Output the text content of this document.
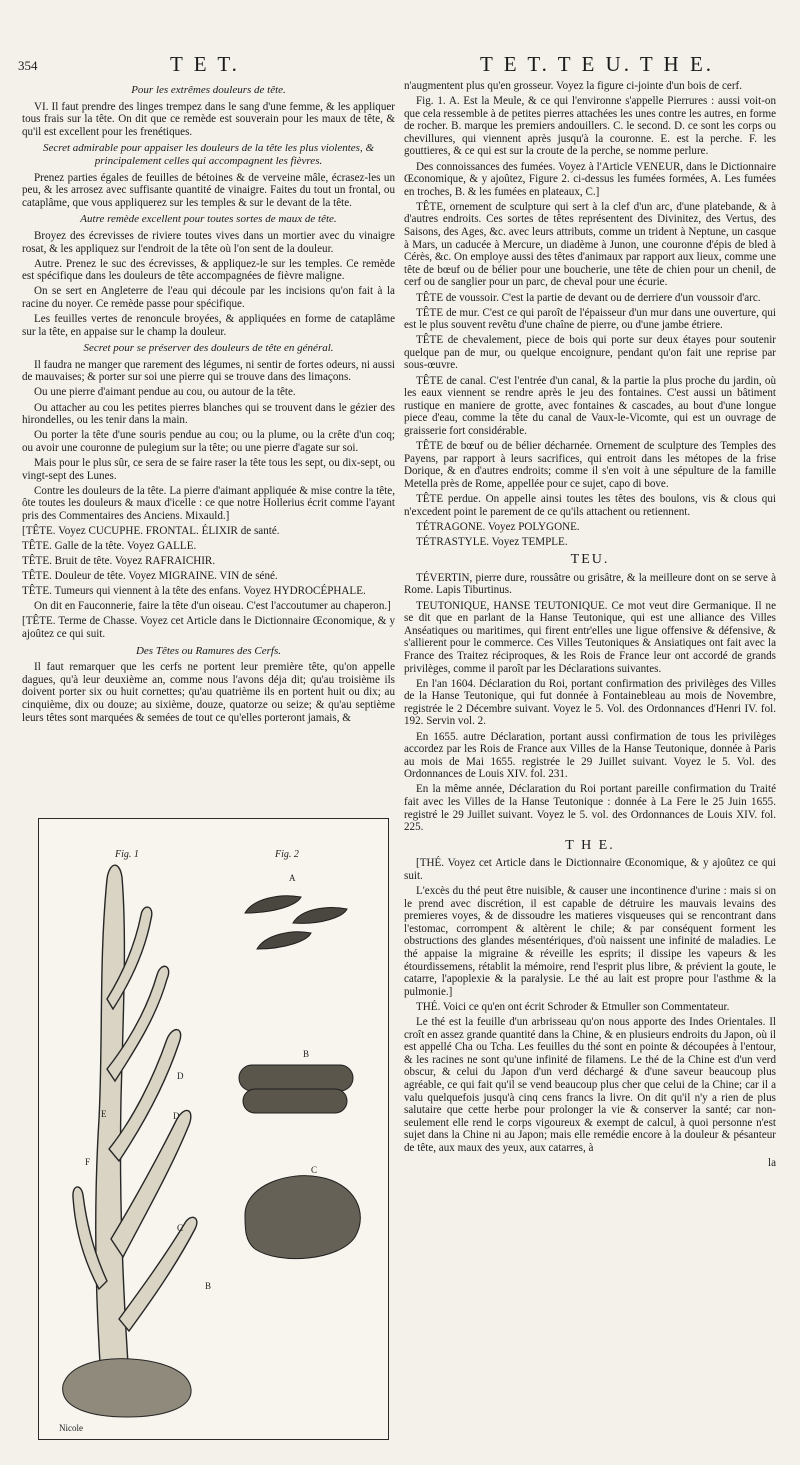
354	T E T.	T E T. T E U. T H E.
Pour les extrêmes douleurs de tête.

VI. Il faut prendre des linges trempez dans le sang d'une femme, & les appliquer tous frais sur la tête. On dit que ce remède est souverain pour les maux de tête, & qu'il est excellent pour les frenétiques.

Secret admirable pour appaiser les douleurs de la tête les plus violentes, & principalement celles qui accompagnent les fièvres.

Prenez parties égales de feuilles de bétoines & de verveine mâle, écrasez-les un peu, & les arrosez avec suffisante quantité de vinaigre. Faites du tout un frontal, ou cataplâme, que vous appliquerez sur les temples & sur le devant de la tête.

Autre remède excellent pour toutes sortes de maux de tête.

Broyez des écrevisses de riviere toutes vives dans un mortier avec du vinaigre rosat, & les appliquez sur l'endroit de la tête où l'on sent de la douleur.

Autre. Prenez le suc des écrevisses, & appliquez-le sur les temples. Ce remède est spécifique dans les douleurs de tête accompagnées de fièvre maligne.

On se sert en Angleterre de l'eau qui découle par les incisions qu'on fait à la racine du noyer. Ce remède passe pour spécifique.

Les feuilles vertes de renoncule broyées, & appliquées en forme de cataplâme sur la tête, en appaise sur le champ la douleur.

Secret pour se préserver des douleurs de tête en général.

Il faudra ne manger que rarement des légumes, ni sentir de fortes odeurs, ni aussi de mauvaises; & porter sur soi une pierre qui se trouve dans des limaçons.

Ou une pierre d'aimant pendue au cou, ou autour de la tête.

Ou attacher au cou les petites pierres blanches qui se trouvent dans le gézier des hirondelles, ou les tenir dans la main.

Ou porter la tête d'une souris pendue au cou; ou la plume, ou la crête d'un coq; ou avoir une couronne de pulegium sur la tête; ou une pierre d'agate sur soi.

Mais pour le plus sûr, ce sera de se faire raser la tête tous les sept, ou dix-sept, ou vingt-sept des Lunes.

Contre les douleurs de la tête. La pierre d'aimant appliquée & mise contre la tête, ôte toutes les douleurs & maux d'icelle : ce que notre Hollerius écrit comme l'ayant pris des Commentaires des Anciens. Mixauld.]

[TÊTE. Voyez CUCUPHE. FRONTAL. ÉLIXIR de santé.

TÊTE. Galle de la tête. Voyez GALLE.

TÊTE. Bruit de tête. Voyez RAFRAICHIR.

TÊTE. Douleur de tête. Voyez MIGRAINE. VIN de séné.

TÊTE. Tumeurs qui viennent à la tête des enfans. Voyez HYDROCÉPHALE.

On dit en Fauconnerie, faire la tête d'un oiseau. C'est l'accoutumer au chaperon.]

[TÊTE. Terme de Chasse. Voyez cet Article dans le Dictionnaire Œconomique, & y ajoûtez ce qui suit.

Des Têtes ou Ramures des Cerfs.

Il faut remarquer que les cerfs ne portent leur première tête, qu'on appelle dagues, qu'à leur deuxième an, comme nous l'avons déja dit; qu'au troisième ils doivent porter six ou huit cornettes; qu'au quatrième ils en portent huit ou dix; au cinquième, dix ou douze; au sixième, douze, quatorze ou seize; & qu'au septième leurs têtes sont marquées & semées de tout ce qu'elles porteront jamais, &

Fig. 1
D
E	D
F
C
B
Nicole
Fig. 2
A
B
C

n'augmentent plus qu'en grosseur. Voyez la figure ci-jointe d'un bois de cerf.

Fig. 1. A. Est la Meule, & ce qui l'environne s'appelle Pierrures : aussi voit-on que cela ressemble à de petites pierres attachées les unes contre les autres, en forme de rocher. B. marque les premiers andouillers. C. le second. D. ce sont les corps ou chevillures, qui viennent après jusqu'à la couronne. E. est la perche. F. les gouttieres, & ce qui est sur la croute de la perche, se nomme perlure.

Des connoissances des fumées. Voyez à l'Article VENEUR, dans le Dictionnaire Œconomique, & y ajoûtez, Figure 2. ci-dessus les fumées formées, A. Les fumées en troches, B. & les fumées en plateaux, C.]

TÊTE, ornement de sculpture qui sert à la clef d'un arc, d'une platebande, & à d'autres endroits. Ces sortes de têtes représentent des Divinitez, des Vertus, des Saisons, des Ages, &c. avec leurs attributs, comme un trident à Neptune, un casque à Mars, un caducée à Mercure, un diadème à Junon, une couronne d'épis de bled à Cérès, &c. On employe aussi des têtes d'animaux par rapport aux lieux, comme une tête de bœuf ou de bélier pour une boucherie, une tête de chien pour un chenil, de cerf ou de sanglier pour un parc, de cheval pour une écurie.

TÊTE de voussoir. C'est la partie de devant ou de derriere d'un voussoir d'arc.

TÊTE de mur. C'est ce qui paroît de l'épaisseur d'un mur dans une ouverture, qui est le plus souvent revêtu d'une chaîne de pierre, ou d'une jambe étriere.

TÊTE de chevalement, piece de bois qui porte sur deux étayes pour soutenir quelque pan de mur, ou quelque encoignure, pendant qu'on fait une reprise par sous-œuvre.

TÊTE de canal. C'est l'entrée d'un canal, & la partie la plus proche du jardin, où les eaux viennent se rendre après le jeu des fontaines. C'est aussi un bâtiment rustique en maniere de grotte, avec fontaines & cascades, au bout d'une longue piece d'eau, comme la tête du canal de Vaux-le-Vicomte, qui est un ouvrage de graisserie fort considérable.

TÊTE de bœuf ou de bélier décharnée. Ornement de sculpture des Temples des Payens, par rapport à leurs sacrifices, qui entroit dans les métopes de la frise Dorique, & en d'autres endroits; comme il s'en voit à une sépulture de la famille Metella près de Rome, appellée pour ce sujet, capo di bove.

TÊTE perdue. On appelle ainsi toutes les têtes des boulons, vis & clous qui n'excedent point le parement de ce qu'ils attachent ou retiennent.

TÉTRAGONE. Voyez POLYGONE.

TÉTRASTYLE. Voyez TEMPLE.

TEU.

TÉVERTIN, pierre dure, roussâtre ou grisâtre, & la meilleure dont on se serve à Rome. Lapis Tiburtinus.

TEUTONIQUE, HANSE TEUTONIQUE. Ce mot veut dire Germanique. Il ne se dit que en parlant de la Hanse Teutonique, qui est une alliance des Villes Anséatiques ou maritimes, qui firent entr'elles une ligue offensive & défensive, & s'allierent pour le commerce. Ces Villes Teutoniques & Ansiatiques ont fait avec la France des Traitez réciproques, & les Rois de France leur ont accordé de grands privilèges, comme il paroît par les Déclarations suivantes.

En l'an 1604. Déclaration du Roi, portant confirmation des privilèges des Villes de la Hanse Teutonique, qui fut donnée à Fontainebleau au mois de Novembre, registrée le 2 Décembre suivant. Voyez le 5. Vol. des Ordonnances d'Henri IV. fol. 192. Servin vol. 2.

En 1655. autre Déclaration, portant aussi confirmation de tous les privilèges accordez par les Rois de France aux Villes de la Hanse Teutonique, donnée à Paris au mois de Mai 1655. registrée le 29 Juillet suivant. Voyez le 5. Vol. des Ordonnances de Louis XIV. fol. 231.

En la même année, Déclaration du Roi portant pareille confirmation du Traité fait avec les Villes de la Hanse Teutonique : donnée à La Fere le 25 Juin 1655. registré le 29 Juillet suivant. Voyez le 5. vol. des Ordonnances de Louis XIV. fol. 225.

T H E.

[THÉ. Voyez cet Article dans le Dictionnaire Œconomique, & y ajoûtez ce qui suit.

L'excès du thé peut être nuisible, & causer une incontinence d'urine : mais si on le prend avec discrétion, il est capable de détruire les mauvais levains des premieres voyes, & de dissoudre les matieres visqueuses qui se rencontrant dans l'estomac, corrompent & altèrent le chile; & par conséquent forment les obstructions des glandes mésentériques, d'où naissent une infinité de maladies. Le thé appaise la migraine & réveille les esprits; il dissipe les vapeurs & les étourdissemens, rétablit la mémoire, rend l'esprit plus libre, & prévient la goute, le catarre, l'apoplexie & la paralysie. Le thé au lait est propre pour l'asthme & la pulmonie.]

THÉ. Voici ce qu'en ont écrit Schroder & Etmuller son Commentateur.

Le thé est la feuille d'un arbrisseau qu'on nous apporte des Indes Orientales. Il croît en assez grande quantité dans la Chine, & en plusieurs endroits du Japon, où il est appellé Cha ou Tcha. Les feuilles du thé sont en pointe & découpées à l'entour, & les racines ne sont qu'une infinité de filamens. Le thé de la Chine est d'un verd obscur, & celui du Japon d'un verd déchargé & d'une saveur beaucoup plus agréable, ce qui fait qu'il se vend beaucoup plus cher que celui de la Chine; car il a valu quelquefois jusqu'à cinq cens francs la livre. On dit qu'il n'y a rien de plus salutaire que cette herbe pour prolonger la vie & conserver la santé; car non-seulement elle rend le corps vigoureux & exempt de calcul, à quoi personne n'est sujet dans la Chine ni au Japon; mais elle remédie encore à la douleur & pésanteur de tête, aux maux des yeux, aux catarres, à

la
